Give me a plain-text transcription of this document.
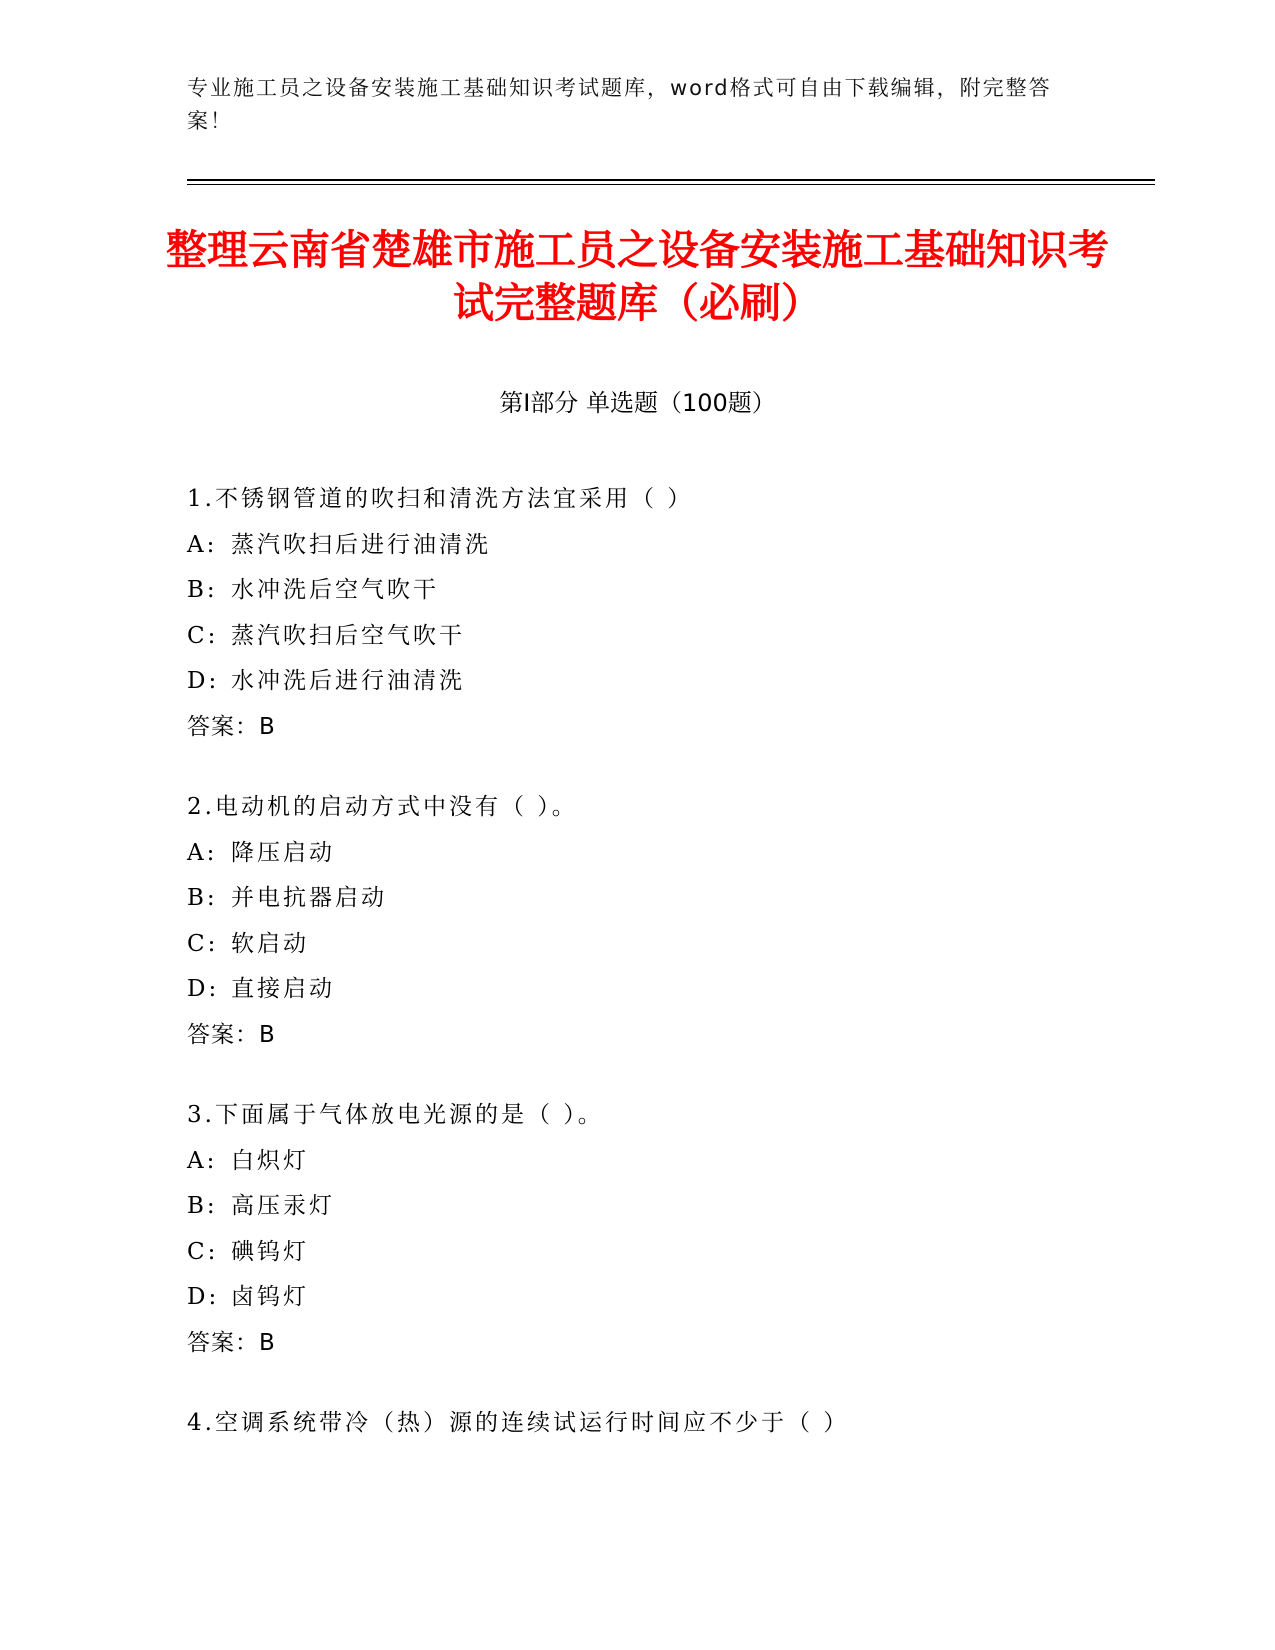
专业施工员之设备安装施工基础知识考试题库，word格式可自由下载编辑，附完整答案！
整理云南省楚雄市施工员之设备安装施工基础知识考试完整题库（必刷）
第Ⅰ部分 单选题（100题）
1.不锈钢管道的吹扫和清洗方法宜采用（ ）
A: 蒸汽吹扫后进行油清洗
B: 水冲洗后空气吹干
C: 蒸汽吹扫后空气吹干
D: 水冲洗后进行油清洗
答案：B
2.电动机的启动方式中没有（ ）。
A: 降压启动
B: 并电抗器启动
C: 软启动
D: 直接启动
答案：B
3.下面属于气体放电光源的是（ ）。
A: 白炽灯
B: 高压汞灯
C: 碘钨灯
D: 卤钨灯
答案：B
4.空调系统带冷（热）源的连续试运行时间应不少于（ ）
